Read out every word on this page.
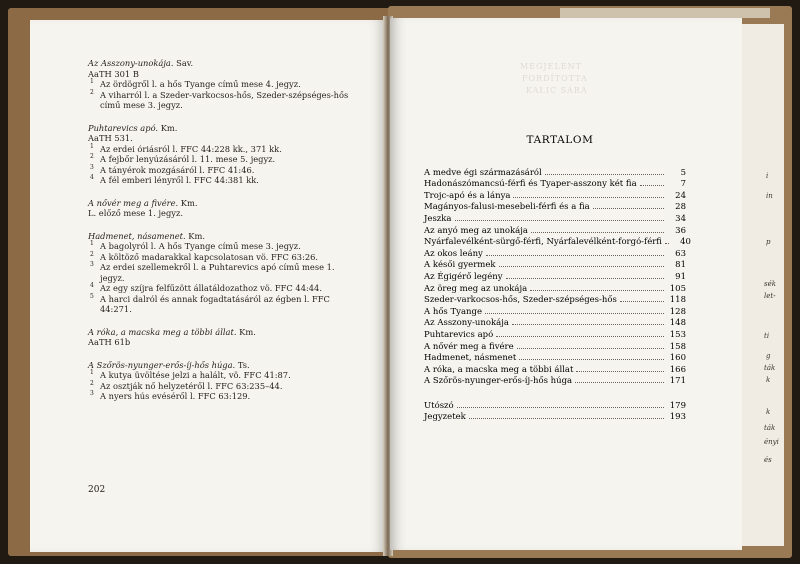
i
in
p
sék
let-
ti
g
ták
k
k
ták
ényi
és
Az Asszony-unokája. Sav.
AaTH 301 B
1 Az ördögről l. a hős Tyange című mese 4. jegyz.
2 A viharról l. a Szeder-varkocsos-hős, Szeder-szépséges-hős című mese 3. jegyz.
Puhtarevics apó. Km.
AaTH 531.
1 Az erdei óriásról l. FFC 44:228 kk., 371 kk.
2 A fejbőr lenyúzásáról l. 11. mese 5. jegyz.
3 A tányérok mozgásáról l. FFC 41:46.
4 A fél emberi lényről l. FFC 44:381 kk.
A nővér meg a fivére. Km.
L. előző mese 1. jegyz.
Hadmenet, násamenet. Km.
1 A bagolyról l. A hős Tyange című mese 3. jegyz.
2 A költöző madarakkal kapcsolatosan vö. FFC 63:26.
3 Az erdei szellemekről l. a Puhtarevics apó című mese 1. jegyz.
4 Az egy szíjra felfűzött állatáldozathoz vö. FFC 44:44.
5 A harci dalról és annak fogadtatásáról az égben l. FFC 44:271.
A róka, a macska meg a többi állat. Km.
AaTH 61b
A Szőrös-nyunger-erős-íj-hős húga. Ts.
1 A kutya üvöltése jelzi a halált, vö. FFC 41:87.
2 Az osztják nő helyzetéről l. FFC 63:235–44.
3 A nyers hús evéséről l. FFC 63:129.
202
MEGJELENT
FORDÍTOTTA
KALIC SÁRA
TARTALOM
A medve égi származásáról	5
Hadonászómancsú-férfi és Tyaper-asszony két fia	7
Trojc-apó és a lánya	24
Magányos-falusi-mesebeli-férfi és a fia	28
Jeszka	34
Az anyó meg az unokája	36
Nyárfalevélként-sürgő-férfi, Nyárfalevélként-forgó-férfi	40
Az okos leány	63
A késői gyermek	81
Az Égigérő legény	91
Az öreg meg az unokája	105
Szeder-varkocsos-hős, Szeder-szépséges-hős	118
A hős Tyange	128
Az Asszony-unokája	148
Puhtarevics apó	153
A nővér meg a fivére	158
Hadmenet, násmenet	160
A róka, a macska meg a többi állat	166
A Szőrös-nyunger-erős-íj-hős húga	171
Utószó	179
Jegyzetek	193
